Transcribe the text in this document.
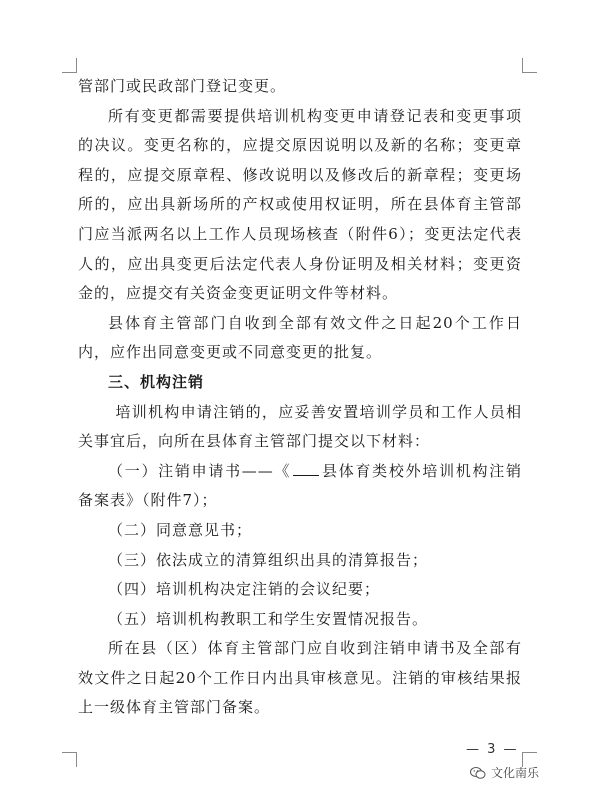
管部门或民政部门登记变更。

所有变更都需要提供培训机构变更申请登记表和变更事项的决议。变更名称的，应提交原因说明以及新的名称；变更章程的，应提交原章程、修改说明以及修改后的新章程；变更场所的，应出具新场所的产权或使用权证明，所在县体育主管部门应当派两名以上工作人员现场核查（附件6）；变更法定代表人的，应出具变更后法定代表人身份证明及相关材料；变更资金的，应提交有关资金变更证明文件等材料。

县体育主管部门自收到全部有效文件之日起20个工作日内，应作出同意变更或不同意变更的批复。

三、机构注销

培训机构申请注销的，应妥善安置培训学员和工作人员相关事宜后，向所在县体育主管部门提交以下材料：

（一）注销申请书——《 县体育类校外培训机构注销备案表》（附件7）；

（二）同意意见书；

（三）依法成立的清算组织出具的清算报告；

（四）培训机构决定注销的会议纪要；

（五）培训机构教职工和学生安置情况报告。

所在县（区）体育主管部门应自收到注销申请书及全部有效文件之日起20个工作日内出具审核意见。注销的审核结果报上一级体育主管部门备案。

— 3 —
文化南乐
